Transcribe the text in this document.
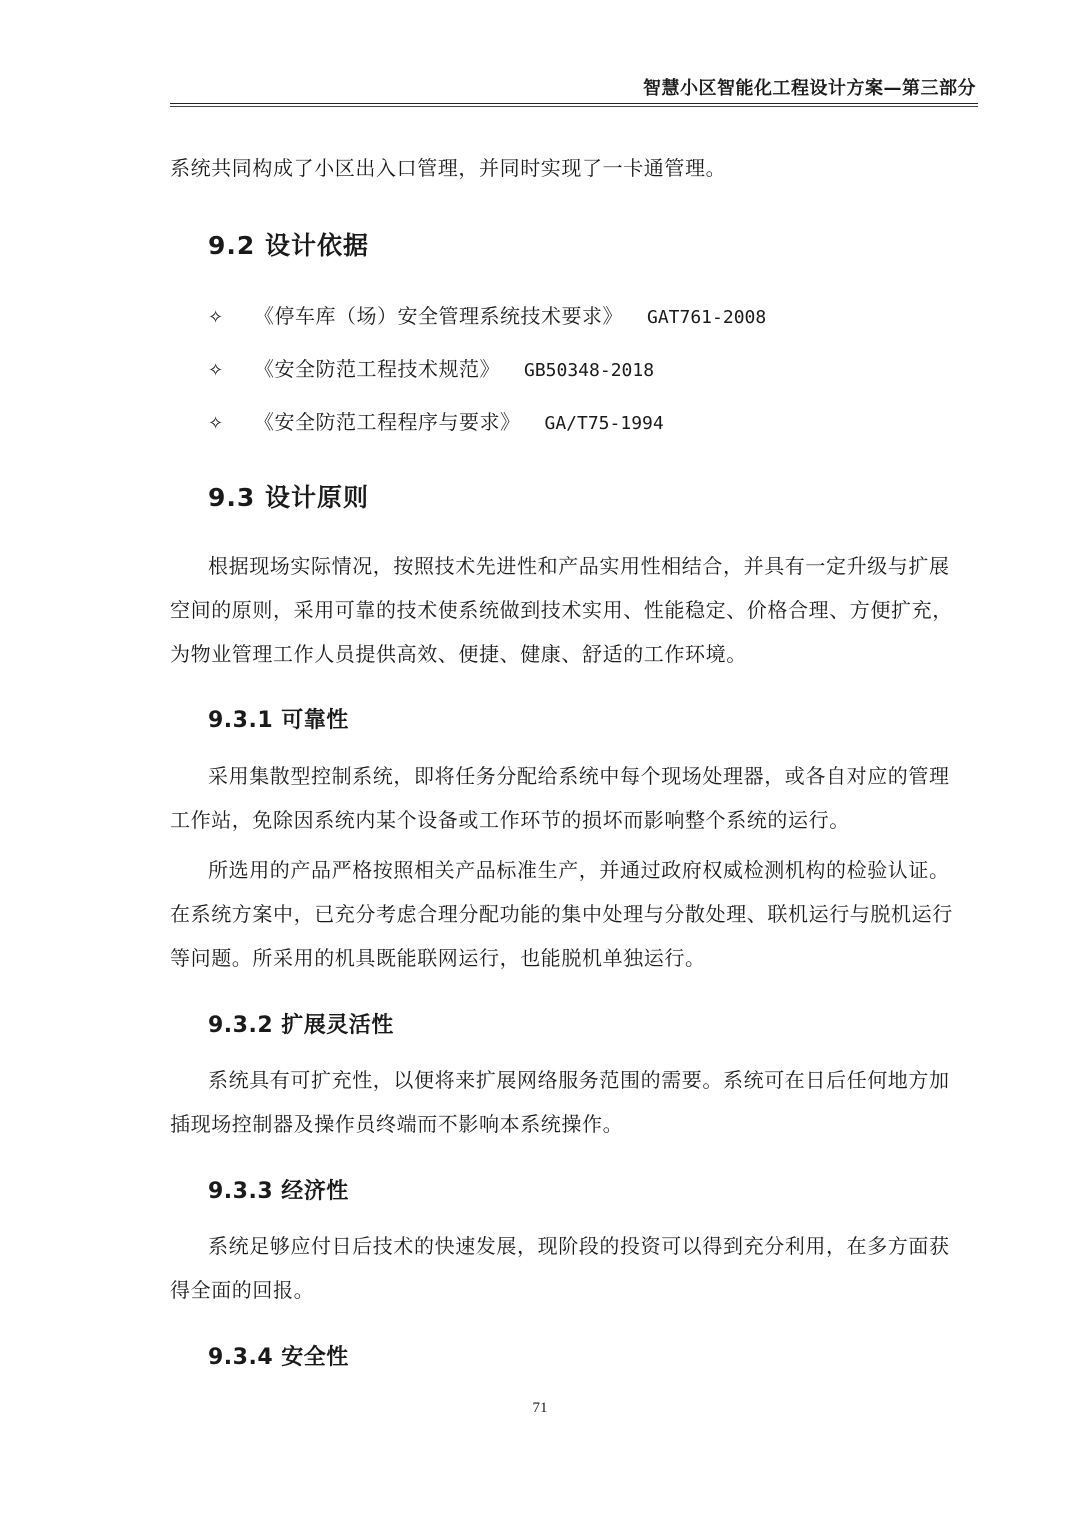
智慧小区智能化工程设计方案—第三部分

系统共同构成了小区出入口管理，并同时实现了一卡通管理。

9.2 设计依据
✧ 《停车库（场）安全管理系统技术要求》 GAT761-2008
✧ 《安全防范工程技术规范》 GB50348-2018
✧ 《安全防范工程程序与要求》 GA/T75-1994
9.3 设计原则

根据现场实际情况，按照技术先进性和产品实用性相结合，并具有一定升级与扩展空间的原则，采用可靠的技术使系统做到技术实用、性能稳定、价格合理、方便扩充，为物业管理工作人员提供高效、便捷、健康、舒适的工作环境。

9.3.1 可靠性

采用集散型控制系统，即将任务分配给系统中每个现场处理器，或各自对应的管理工作站，免除因系统内某个设备或工作环节的损坏而影响整个系统的运行。

所选用的产品严格按照相关产品标准生产，并通过政府权威检测机构的检验认证。在系统方案中，已充分考虑合理分配功能的集中处理与分散处理、联机运行与脱机运行等问题。所采用的机具既能联网运行，也能脱机单独运行。

9.3.2 扩展灵活性

系统具有可扩充性，以便将来扩展网络服务范围的需要。系统可在日后任何地方加插现场控制器及操作员终端而不影响本系统操作。

9.3.3 经济性

系统足够应付日后技术的快速发展，现阶段的投资可以得到充分利用，在多方面获得全面的回报。

9.3.4 安全性
71
